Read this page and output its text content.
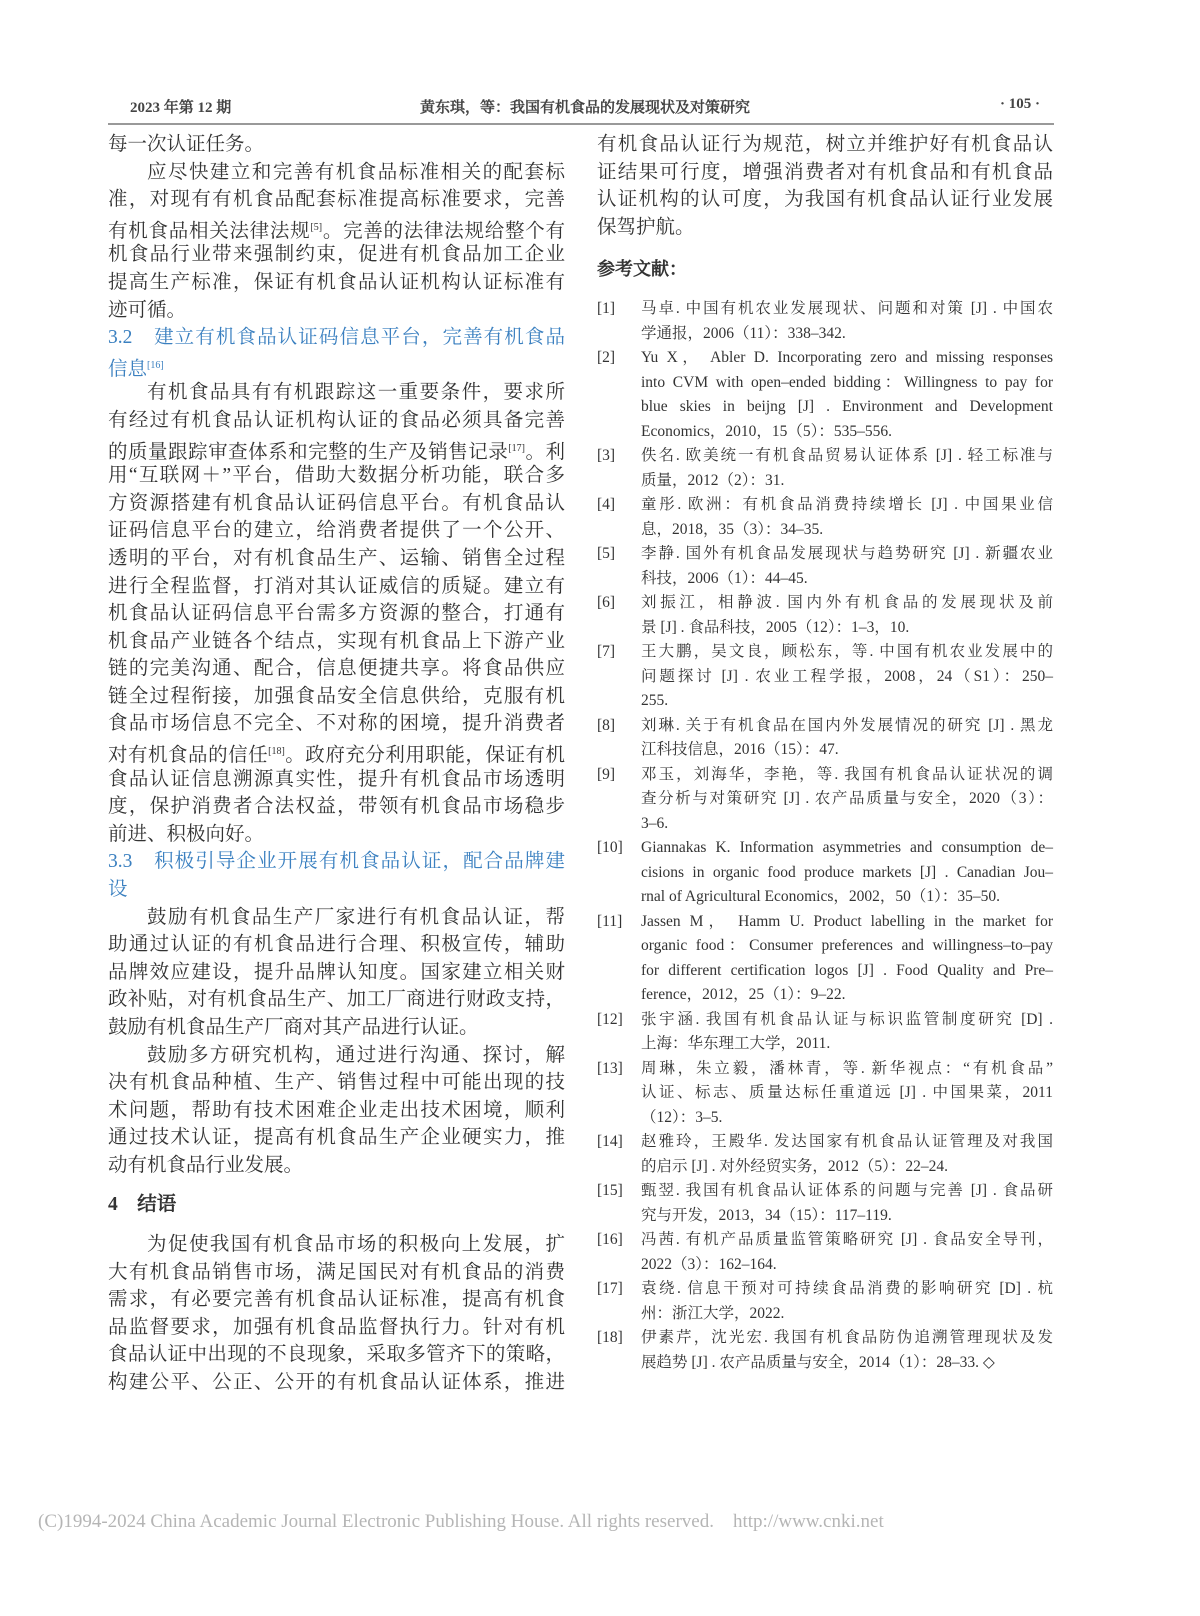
2023 年第 12 期	黄东琪，等：我国有机食品的发展现状及对策研究	· 105 ·
每一次认证任务。
应尽快建立和完善有机食品标准相关的配套标
准，对现有有机食品配套标准提高标准要求，完善
有机食品相关法律法规[5]。完善的法律法规给整个有
机食品行业带来强制约束，促进有机食品加工企业
提高生产标准，保证有机食品认证机构认证标准有
迹可循。
3.2　建立有机食品认证码信息平台，完善有机食品
信息[16]
有机食品具有有机跟踪这一重要条件，要求所
有经过有机食品认证机构认证的食品必须具备完善
的质量跟踪审查体系和完整的生产及销售记录[17]。利
用“互联网＋”平台，借助大数据分析功能，联合多
方资源搭建有机食品认证码信息平台。有机食品认
证码信息平台的建立，给消费者提供了一个公开、
透明的平台，对有机食品生产、运输、销售全过程
进行全程监督，打消对其认证威信的质疑。建立有
机食品认证码信息平台需多方资源的整合，打通有
机食品产业链各个结点，实现有机食品上下游产业
链的完美沟通、配合，信息便捷共享。将食品供应
链全过程衔接，加强食品安全信息供给，克服有机
食品市场信息不完全、不对称的困境，提升消费者
对有机食品的信任[18]。政府充分利用职能，保证有机
食品认证信息溯源真实性，提升有机食品市场透明
度，保护消费者合法权益，带领有机食品市场稳步
前进、积极向好。
3.3　积极引导企业开展有机食品认证，配合品牌建
设
鼓励有机食品生产厂家进行有机食品认证，帮
助通过认证的有机食品进行合理、积极宣传，辅助
品牌效应建设，提升品牌认知度。国家建立相关财
政补贴，对有机食品生产、加工厂商进行财政支持，
鼓励有机食品生产厂商对其产品进行认证。
鼓励多方研究机构，通过进行沟通、探讨，解
决有机食品种植、生产、销售过程中可能出现的技
术问题，帮助有技术困难企业走出技术困境，顺利
通过技术认证，提高有机食品生产企业硬实力，推
动有机食品行业发展。
4　结语
为促使我国有机食品市场的积极向上发展，扩
大有机食品销售市场，满足国民对有机食品的消费
需求，有必要完善有机食品认证标准，提高有机食
品监督要求，加强有机食品监督执行力。针对有机
食品认证中出现的不良现象，采取多管齐下的策略，
构建公平、公正、公开的有机食品认证体系，推进
有机食品认证行为规范，树立并维护好有机食品认
证结果可行度，增强消费者对有机食品和有机食品
认证机构的认可度，为我国有机食品认证行业发展
保驾护航。
参考文献：
[1]	马卓. 中国有机农业发展现状、问题和对策 [J] . 中国农
学通报，2006（11）：338–342.
[2]	Yu X， Abler D. Incorporating zero and missing responses
into CVM with open–ended bidding：Willingness to pay for
blue skies in beijng [J] . Environment and Development
Economics，2010，15（5）：535–556.
[3]	佚名. 欧美统一有机食品贸易认证体系 [J] . 轻工标准与
质量，2012（2）：31.
[4]	童彤. 欧洲：有机食品消费持续增长 [J] . 中国果业信
息，2018，35（3）：34–35.
[5]	李静. 国外有机食品发展现状与趋势研究 [J] . 新疆农业
科技，2006（1）：44–45.
[6]	刘振江，相静波. 国内外有机食品的发展现状及前
景 [J] . 食品科技，2005（12）：1–3，10.
[7]	王大鹏，吴文良，顾松东，等. 中国有机农业发展中的
问题探讨 [J] . 农业工程学报，2008，24（S1）：250–
255.
[8]	刘琳. 关于有机食品在国内外发展情况的研究 [J] . 黑龙
江科技信息，2016（15）：47.
[9]	邓玉，刘海华，李艳，等. 我国有机食品认证状况的调
查分析与对策研究 [J] . 农产品质量与安全，2020（3）：
3–6.
[10]	Giannakas K. Information asymmetries and consumption de–
cisions in organic food produce markets [J] . Canadian Jou–
rnal of Agricultural Economics，2002，50（1）：35–50.
[11]	Jassen M， Hamm U. Product labelling in the market for
organic food：Consumer preferences and willingness–to–pay
for different certification logos [J] . Food Quality and Pre–
ference，2012，25（1）：9–22.
[12]	张宇涵. 我国有机食品认证与标识监管制度研究 [D] .
上海：华东理工大学，2011.
[13]	周琳，朱立毅，潘林青，等. 新华视点：“有机食品”
认证、标志、质量达标任重道远 [J] . 中国果菜，2011
（12）：3–5.
[14]	赵雅玲，王殿华. 发达国家有机食品认证管理及对我国
的启示 [J] . 对外经贸实务，2012（5）：22–24.
[15]	甄翌. 我国有机食品认证体系的问题与完善 [J] . 食品研
究与开发，2013，34（15）：117–119.
[16]	冯茜. 有机产品质量监管策略研究 [J] . 食品安全导刊，
2022（3）：162–164.
[17]	袁绕. 信息干预对可持续食品消费的影响研究 [D] . 杭
州：浙江大学，2022.
[18]	伊素芹，沈光宏. 我国有机食品防伪追溯管理现状及发
展趋势 [J] . 农产品质量与安全，2014（1）：28–33. ◇
(C)1994-2024 China Academic Journal Electronic Publishing House. All rights reserved. http://www.cnki.net
